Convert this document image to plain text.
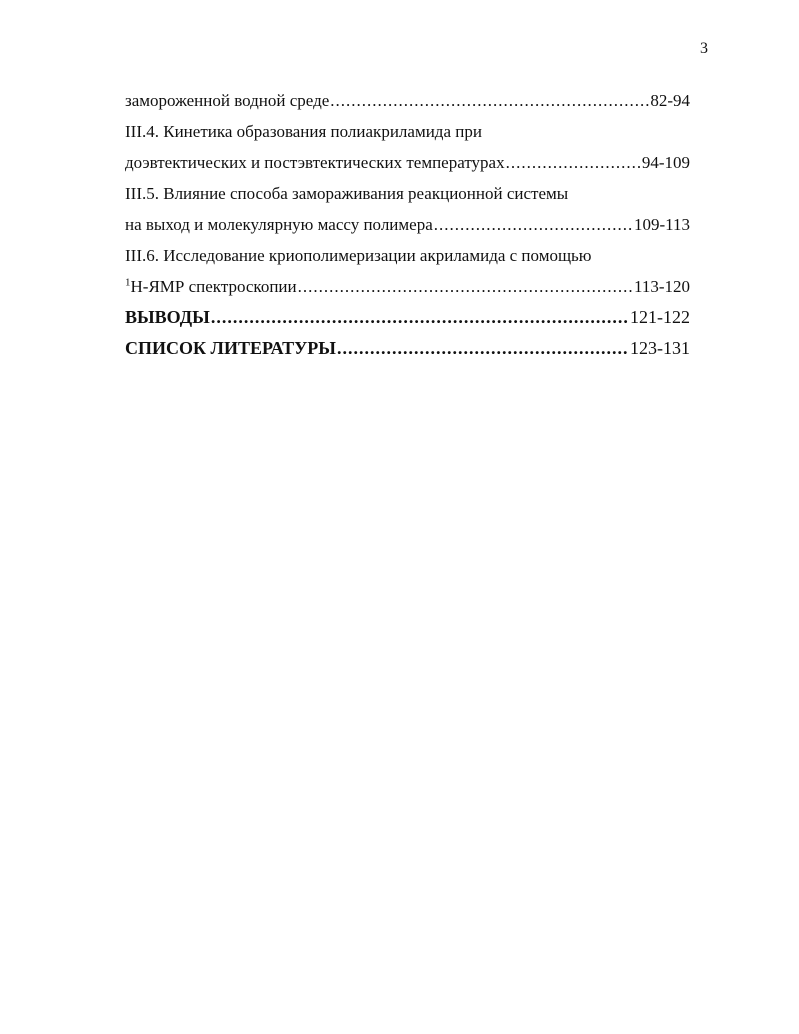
3
замороженной водной среде .....	82-94
III.4. Кинетика образования полиакриламида при
доэвтектических и постэвтектических температурах .....	94-109
III.5. Влияние способа замораживания реакционной системы
на выход и молекулярную массу полимера .....	109-113
III.6. Исследование криополимеризации акриламида с помощью
$^1$Н-ЯМР спектроскопии .....	113-120
ВЫВОДЫ .....	121-122
СПИСОК ЛИТЕРАТУРЫ .....	123-131
